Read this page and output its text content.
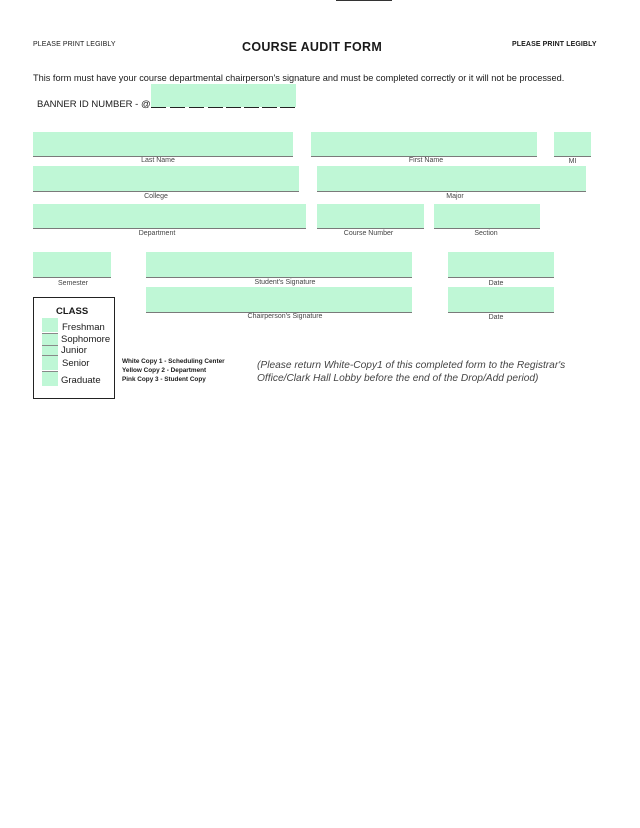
PLEASE PRINT LEGIBLY	COURSE AUDIT FORM	PLEASE PRINT LEGIBLY
This form must have your course departmental chairperson's signature and must be completed correctly or it will not be processed.
BANNER ID NUMBER - @
Last Name	First Name	MI
College	Major
Department	Course Number	Section
Semester	Student's Signature	Date
Chairperson's Signature	Date
CLASS
Freshman
Sophomore
Junior
Senior
Graduate
White Copy 1 - Scheduling Center
Yellow Copy 2 - Department
Pink Copy 3 - Student Copy
(Please return White-Copy1 of this completed form to the Registrar's
Office/Clark Hall Lobby before the end of the Drop/Add period)
